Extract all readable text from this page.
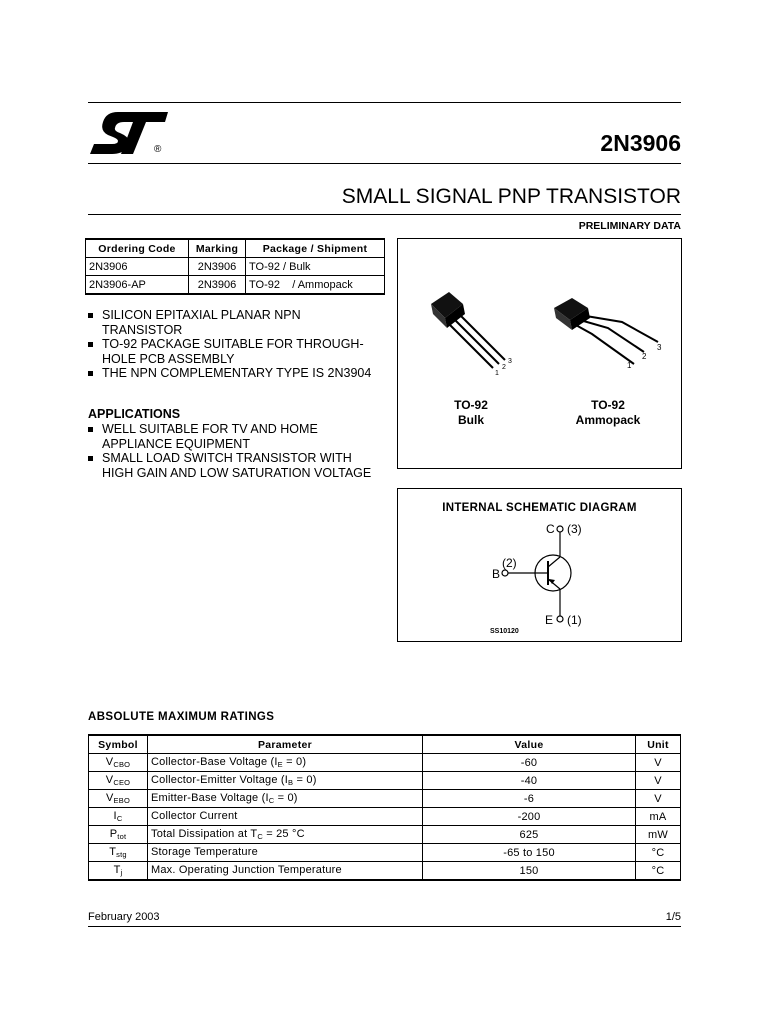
®	2N3906
SMALL SIGNAL PNP TRANSISTOR
PRELIMINARY DATA
Ordering Code	Marking	Package / Shipment
2N3906	2N3906	TO-92 / Bulk
2N3906-AP	2N3906	TO-92    / Ammopack
SILICON EPITAXIAL PLANAR NPN TRANSISTOR
TO-92 PACKAGE SUITABLE FOR THROUGH-HOLE PCB ASSEMBLY
THE NPN COMPLEMENTARY TYPE IS 2N3904
APPLICATIONS
WELL SUITABLE FOR TV AND HOME APPLIANCE EQUIPMENT
SMALL LOAD SWITCH TRANSISTOR WITH HIGH GAIN AND LOW SATURATION VOLTAGE
1
2
3	1
2
3
TO-92
Bulk
TO-92
Ammopack
INTERNAL SCHEMATIC DIAGRAM
C (3)
B
(2)
E (1)
SS10120
ABSOLUTE MAXIMUM RATINGS
Symbol	Parameter	Value	Unit
$V_{CBO}$	Collector-Base Voltage $(I_E = 0)$	-60	V
$V_{CEO}$	Collector-Emitter Voltage $(I_B = 0)$	-40	V
$V_{EBO}$	Emitter-Base Voltage $(I_C = 0)$	-6	V
$I_C$	Collector Current	-200	mA
$P_{tot}$	Total Dissipation at $T_C = 25$ °C	625	mW
$T_{stg}$	Storage Temperature	-65 to 150	°C
$T_j$	Max. Operating Junction Temperature	150	°C
February 2003	1/5
